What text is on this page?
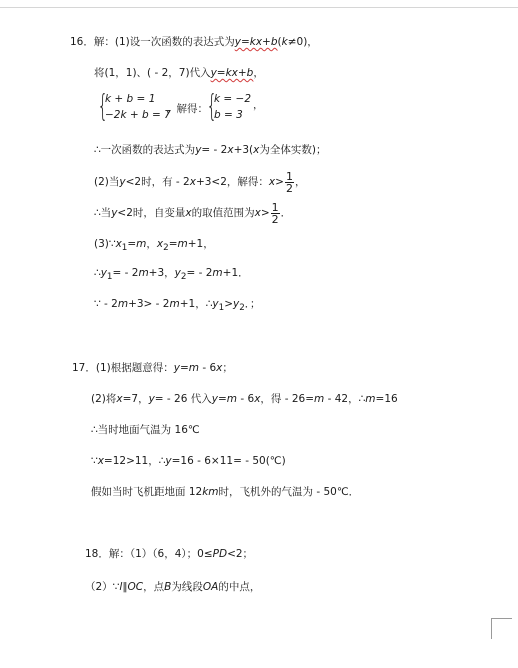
16．解：(1)设一次函数的表达式为y=kx+b(k≠0)，
将(1，1)、( - 2，7)代入y=kx+b，
{
k + b = 1
−2k + b = 7
，解得：
{
k = −2
b = 3
，
∴一次函数的表达式为y= - 2x+3(x为全体实数)；
(2)当y<2时，有 - 2x+3<2，解得：$x> \frac{1}{2}$ ，
∴当y<2时，自变量x的取值范围为$x> \frac{1}{2}$ ．
$(3)\because x_1=m$，$x_2=m+1$，
$\therefore y_1= - 2m+3$，$y_2= - 2m+1$．
∵ - 2m+3> - 2m+1，$\therefore y_1>y_2$．；
17．(1)根据题意得：y=m - 6x；
(2)将x=7，y= - 26 代入y=m - 6x，得 - 26=m - 42，∴m=16
∴当时地面气温为 16℃
∵x=12>11，∴y=16 - 6×11= - 50(℃)
假如当时飞机距地面 12km时，飞机外的气温为 - 50℃．
18．解：（1）（6，4）；0≤PD<2；
（2）∵l∥OC，点B为线段OA的中点，
